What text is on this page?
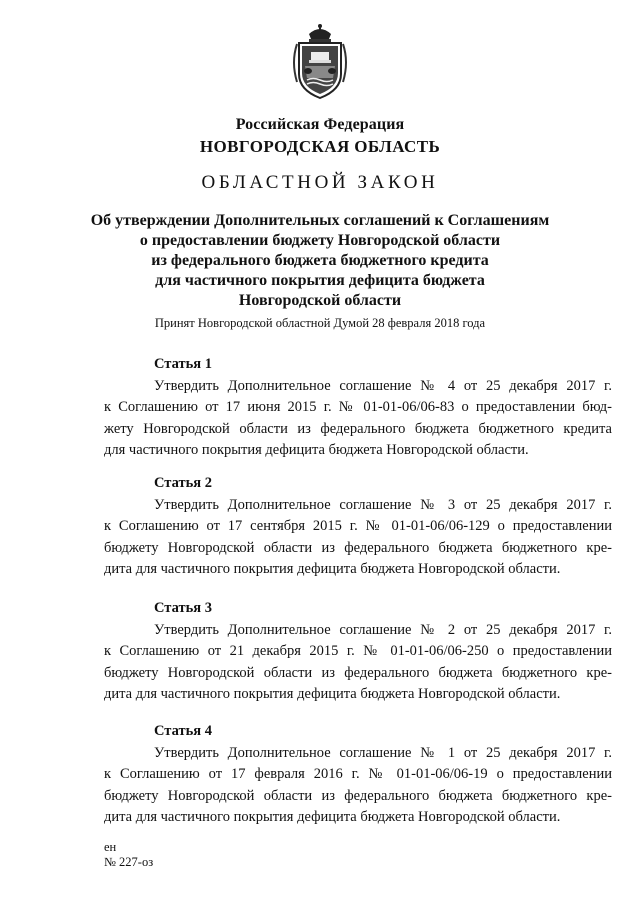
Российская Федерация
НОВГОРОДСКАЯ ОБЛАСТЬ
ОБЛАСТНОЙ ЗАКОН
Об утверждении Дополнительных соглашений к Соглашениям
о предоставлении бюджету Новгородской области
из федерального бюджета бюджетного кредита
для частичного покрытия дефицита бюджета
Новгородской области
Принят Новгородской областной Думой 28 февраля 2018 года
Статья 1
Утвердить Дополнительное соглашение № 4 от 25 декабря 2017 г.
к Соглашению от 17 июня 2015 г. № 01-01-06/06-83 о предоставлении бюд-
жету Новгородской области из федерального бюджета бюджетного кредита
для частичного покрытия дефицита бюджета Новгородской области.
Статья 2
Утвердить Дополнительное соглашение № 3 от 25 декабря 2017 г.
к Соглашению от 17 сентября 2015 г. № 01-01-06/06-129 о предоставлении
бюджету Новгородской области из федерального бюджета бюджетного кре-
дита для частичного покрытия дефицита бюджета Новгородской области.
Статья 3
Утвердить Дополнительное соглашение № 2 от 25 декабря 2017 г.
к Соглашению от 21 декабря 2015 г. № 01-01-06/06-250 о предоставлении
бюджету Новгородской области из федерального бюджета бюджетного кре-
дита для частичного покрытия дефицита бюджета Новгородской области.
Статья 4
Утвердить Дополнительное соглашение № 1 от 25 декабря 2017 г.
к Соглашению от 17 февраля 2016 г. № 01-01-06/06-19 о предоставлении
бюджету Новгородской области из федерального бюджета бюджетного кре-
дита для частичного покрытия дефицита бюджета Новгородской области.
ен
№ 227-оз
